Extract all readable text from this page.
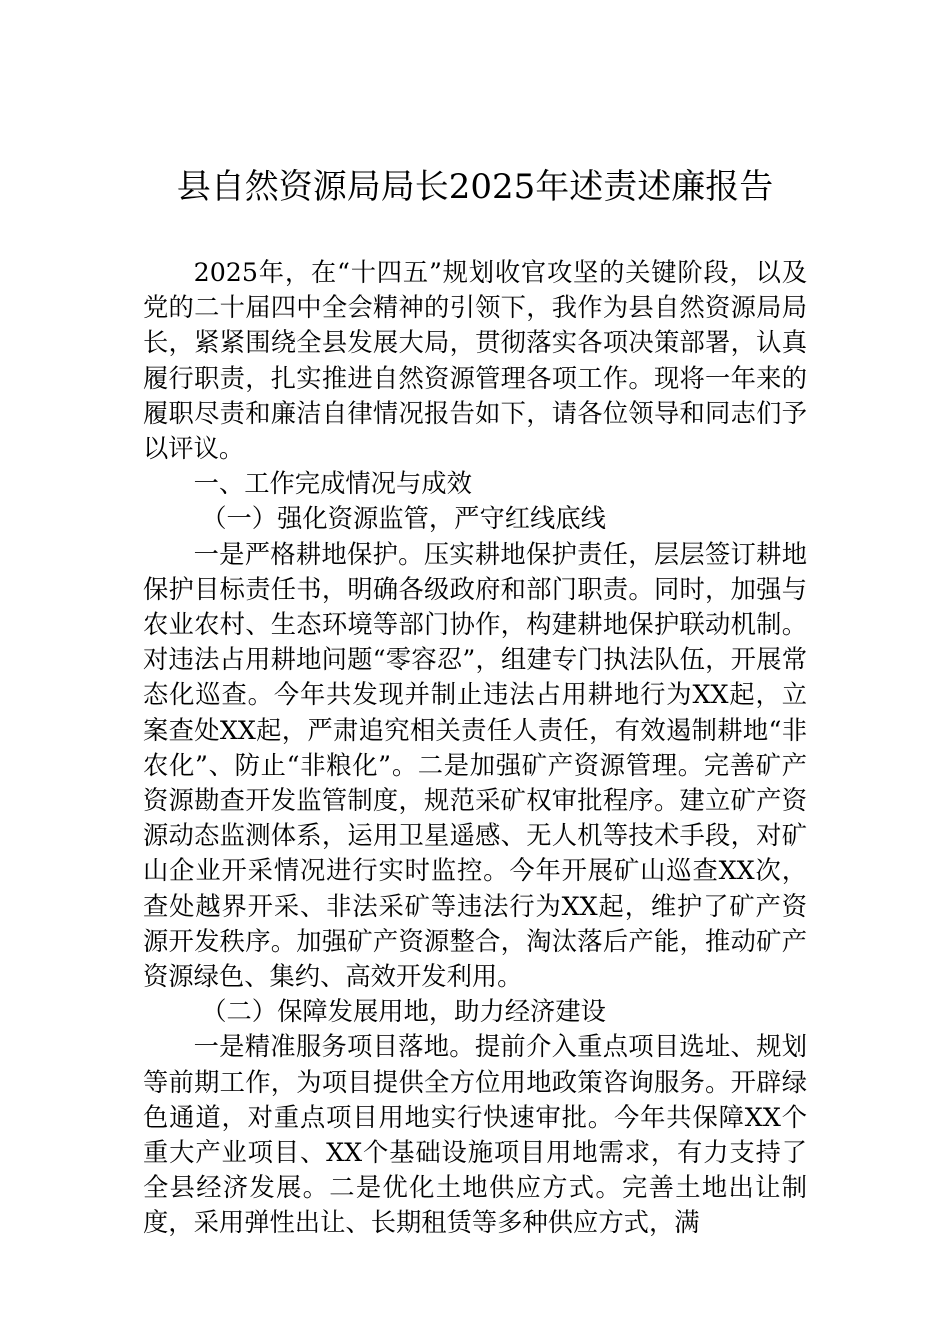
县自然资源局局长2025年述责述廉报告

2025年，在“十四五”规划收官攻坚的关键阶段，以及党的二十届四中全会精神的引领下，我作为县自然资源局局长，紧紧围绕全县发展大局，贯彻落实各项决策部署，认真履行职责，扎实推进自然资源管理各项工作。现将一年来的履职尽责和廉洁自律情况报告如下，请各位领导和同志们予以评议。

一、工作完成情况与成效

（一）强化资源监管，严守红线底线

一是严格耕地保护。压实耕地保护责任，层层签订耕地保护目标责任书，明确各级政府和部门职责。同时，加强与农业农村、生态环境等部门协作，构建耕地保护联动机制。对违法占用耕地问题“零容忍”，组建专门执法队伍，开展常态化巡查。今年共发现并制止违法占用耕地行为XX起，立案查处XX起，严肃追究相关责任人责任，有效遏制耕地“非农化”、防止“非粮化”。二是加强矿产资源管理。完善矿产资源勘查开发监管制度，规范采矿权审批程序。建立矿产资源动态监测体系，运用卫星遥感、无人机等技术手段，对矿山企业开采情况进行实时监控。今年开展矿山巡查XX次，查处越界开采、非法采矿等违法行为XX起，维护了矿产资源开发秩序。加强矿产资源整合，淘汰落后产能，推动矿产资源绿色、集约、高效开发利用。

（二）保障发展用地，助力经济建设

一是精准服务项目落地。提前介入重点项目选址、规划等前期工作，为项目提供全方位用地政策咨询服务。开辟绿色通道，对重点项目用地实行快速审批。今年共保障XX个重大产业项目、XX个基础设施项目用地需求，有力支持了全县经济发展。二是优化土地供应方式。完善土地出让制度，采用弹性出让、长期租赁等多种供应方式，满
